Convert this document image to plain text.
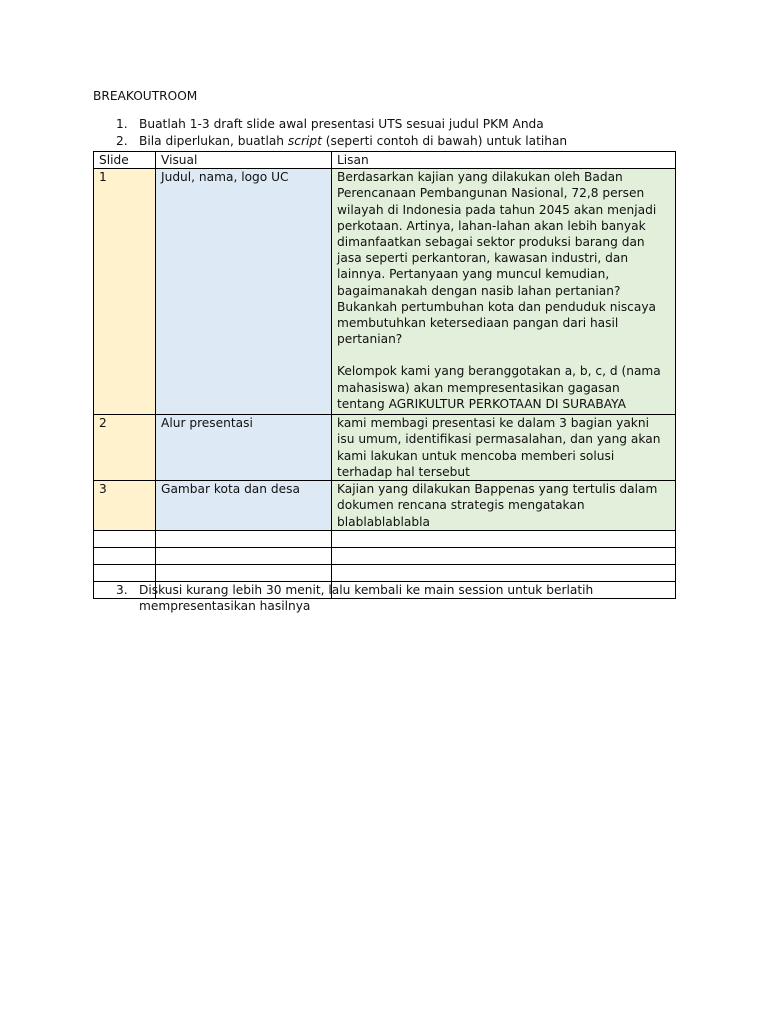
BREAKOUTROOM
1. Buatlah 1-3 draft slide awal presentasi UTS sesuai judul PKM Anda
2. Bila diperlukan, buatlah script (seperti contoh di bawah) untuk latihan
Slide	Visual	Lisan
1	Judul, nama, logo UC	Berdasarkan kajian yang dilakukan oleh Badan Perencanaan Pembangunan Nasional, 72,8 persen wilayah di Indonesia pada tahun 2045 akan menjadi perkotaan. Artinya, lahan-lahan akan lebih banyak dimanfaatkan sebagai sektor produksi barang dan jasa seperti perkantoran, kawasan industri, dan lainnya. Pertanyaan yang muncul kemudian, bagaimanakah dengan nasib lahan pertanian? Bukankah pertumbuhan kota dan penduduk niscaya membutuhkan ketersediaan pangan dari hasil pertanian?
Kelompok kami yang beranggotakan a, b, c, d (nama mahasiswa) akan mempresentasikan gagasan tentang AGRIKULTUR PERKOTAAN DI SURABAYA

2	Alur presentasi	kami membagi presentasi ke dalam 3 bagian yakni isu umum, identifikasi permasalahan, dan yang akan kami lakukan untuk mencoba memberi solusi terhadap hal tersebut
3	Gambar kota dan desa	Kajian yang dilakukan Bappenas yang tertulis dalam dokumen rencana strategis mengatakan blablablablabla

3. Diskusi kurang lebih 30 menit, lalu kembali ke main session untuk berlatih mempresentasikan hasilnya
